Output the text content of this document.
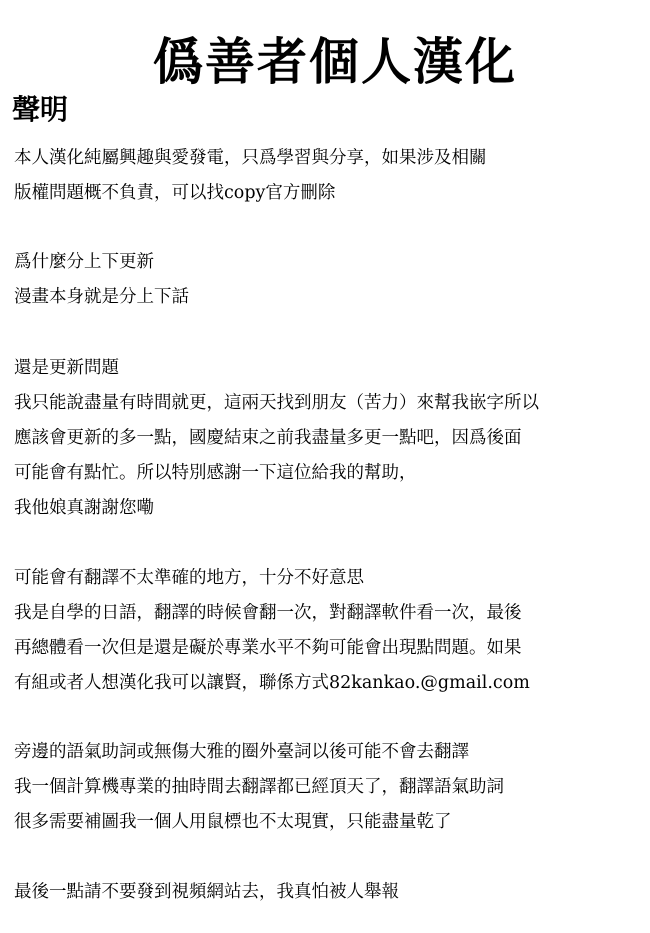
僞善者個人漢化
聲明
本人漢化純屬興趣與愛發電，只爲學習與分享，如果涉及相關
版權問題概不負責，可以找copy官方刪除
爲什麼分上下更新
漫畫本身就是分上下話
還是更新問題
我只能說盡量有時間就更，這兩天找到朋友（苦力）來幫我嵌字所以
應該會更新的多一點，國慶結束之前我盡量多更一點吧，因爲後面
可能會有點忙。所以特別感謝一下這位給我的幫助，
我他娘真謝謝您嘞
可能會有翻譯不太準確的地方，十分不好意思
我是自學的日語，翻譯的時候會翻一次，對翻譯軟件看一次，最後
再總體看一次但是還是礙於專業水平不夠可能會出現點問題。如果
有組或者人想漢化我可以讓賢，聯係方式82kankao.@gmail.com
旁邊的語氣助詞或無傷大雅的圈外臺詞以後可能不會去翻譯
我一個計算機專業的抽時間去翻譯都已經頂天了，翻譯語氣助詞
很多需要補圖我一個人用鼠標也不太現實，只能盡量乾了
最後一點請不要發到視頻網站去，我真怕被人舉報
